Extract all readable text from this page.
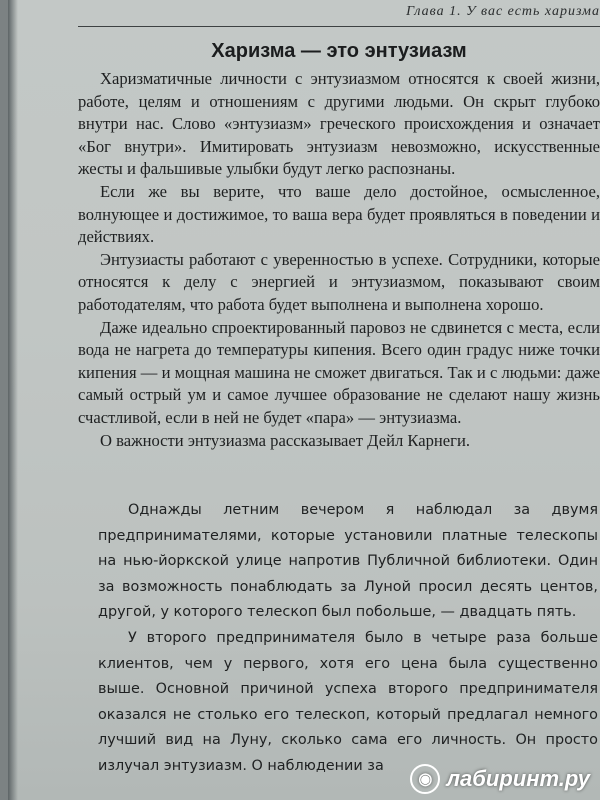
Глава 1. У вас есть харизма
Харизма — это энтузиазм

Харизматичные личности с энтузиазмом относятся к своей жизни, работе, целям и отношениям с другими людьми. Он скрыт глубоко внутри нас. Слово «энтузиазм» греческого происхождения и означает «Бог внутри». Имитировать энтузиазм невозможно, искусственные жесты и фальшивые улыбки будут легко распознаны.

Если же вы верите, что ваше дело достойное, осмысленное, волнующее и достижимое, то ваша вера будет проявляться в поведении и действиях.

Энтузиасты работают с уверенностью в успехе. Сотрудники, которые относятся к делу с энергией и энтузиазмом, показывают своим работодателям, что работа будет выполнена и выполнена хорошо.

Даже идеально спроектированный паровоз не сдвинется с места, если вода не нагрета до температуры кипения. Всего один градус ниже точки кипения — и мощная машина не сможет двигаться. Так и с людьми: даже самый острый ум и самое лучшее образование не сделают нашу жизнь счастливой, если в ней не будет «пара» — энтузиазма.

О важности энтузиазма рассказывает Дейл Карнеги.

Однажды летним вечером я наблюдал за двумя предпринимателями, которые установили платные телескопы на нью-йоркской улице напротив Публичной библиотеки. Один за возможность понаблюдать за Луной просил десять центов, другой, у которого телескоп был побольше, — двадцать пять.

У второго предпринимателя было в четыре раза больше клиентов, чем у первого, хотя его цена была существенно выше. Основной причиной успеха второго предпринимателя оказался не столько его телескоп, который предлагал немного лучший вид на Луну, сколько сама его личность. Он просто излучал энтузиазм. О наблюдении за

◉ лабиринт.ру
